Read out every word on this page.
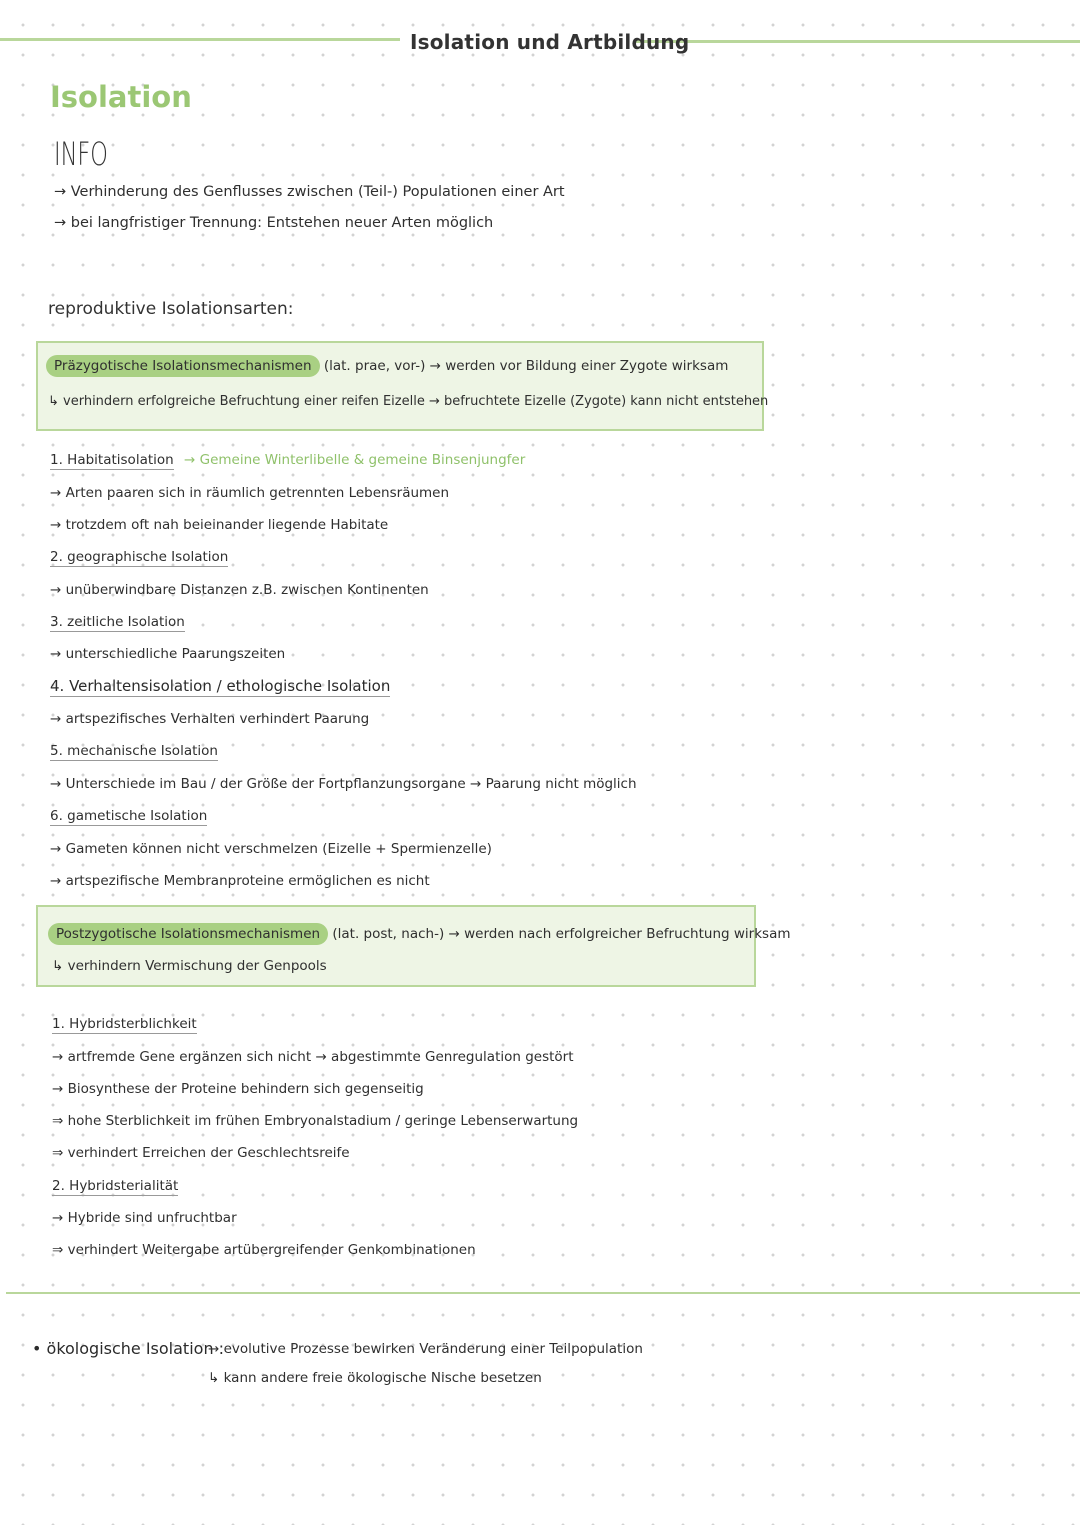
Isolation und Artbildung
Isolation
INFO
→ Verhinderung des Genflusses zwischen (Teil-) Populationen einer Art
→ bei langfristiger Trennung: Entstehen neuer Arten möglich
reproduktive Isolationsarten:
Präzygotische Isolationsmechanismen (lat. prae, vor-) → werden vor Bildung einer Zygote wirksam
↳ verhindern erfolgreiche Befruchtung einer reifen Eizelle → befruchtete Eizelle (Zygote) kann nicht entstehen
1. Habitatisolation → Gemeine Winterlibelle & gemeine Binsenjungfer
→ Arten paaren sich in räumlich getrennten Lebensräumen
→ trotzdem oft nah beieinander liegende Habitate
2. geographische Isolation
→ unüberwindbare Distanzen z.B. zwischen Kontinenten
3. zeitliche Isolation
→ unterschiedliche Paarungszeiten
4. Verhaltensisolation / ethologische Isolation
→ artspezifisches Verhalten verhindert Paarung
5. mechanische Isolation
→ Unterschiede im Bau / der Größe der Fortpflanzungsorgane → Paarung nicht möglich
6. gametische Isolation
→ Gameten können nicht verschmelzen (Eizelle + Spermienzelle)
→ artspezifische Membranproteine ermöglichen es nicht
Postzygotische Isolationsmechanismen (lat. post, nach-) → werden nach erfolgreicher Befruchtung wirksam
↳ verhindern Vermischung der Genpools
1. Hybridsterblichkeit
→ artfremde Gene ergänzen sich nicht → abgestimmte Genregulation gestört
→ Biosynthese der Proteine behindern sich gegenseitig
⇒ hohe Sterblichkeit im frühen Embryonalstadium / geringe Lebenserwartung
⇒ verhindert Erreichen der Geschlechtsreife
2. Hybridsterialität
→ Hybride sind unfruchtbar
⇒ verhindert Weitergabe artübergreifender Genkombinationen
• ökologische Isolation :
→ evolutive Prozesse bewirken Veränderung einer Teilpopulation
↳ kann andere freie ökologische Nische besetzen
